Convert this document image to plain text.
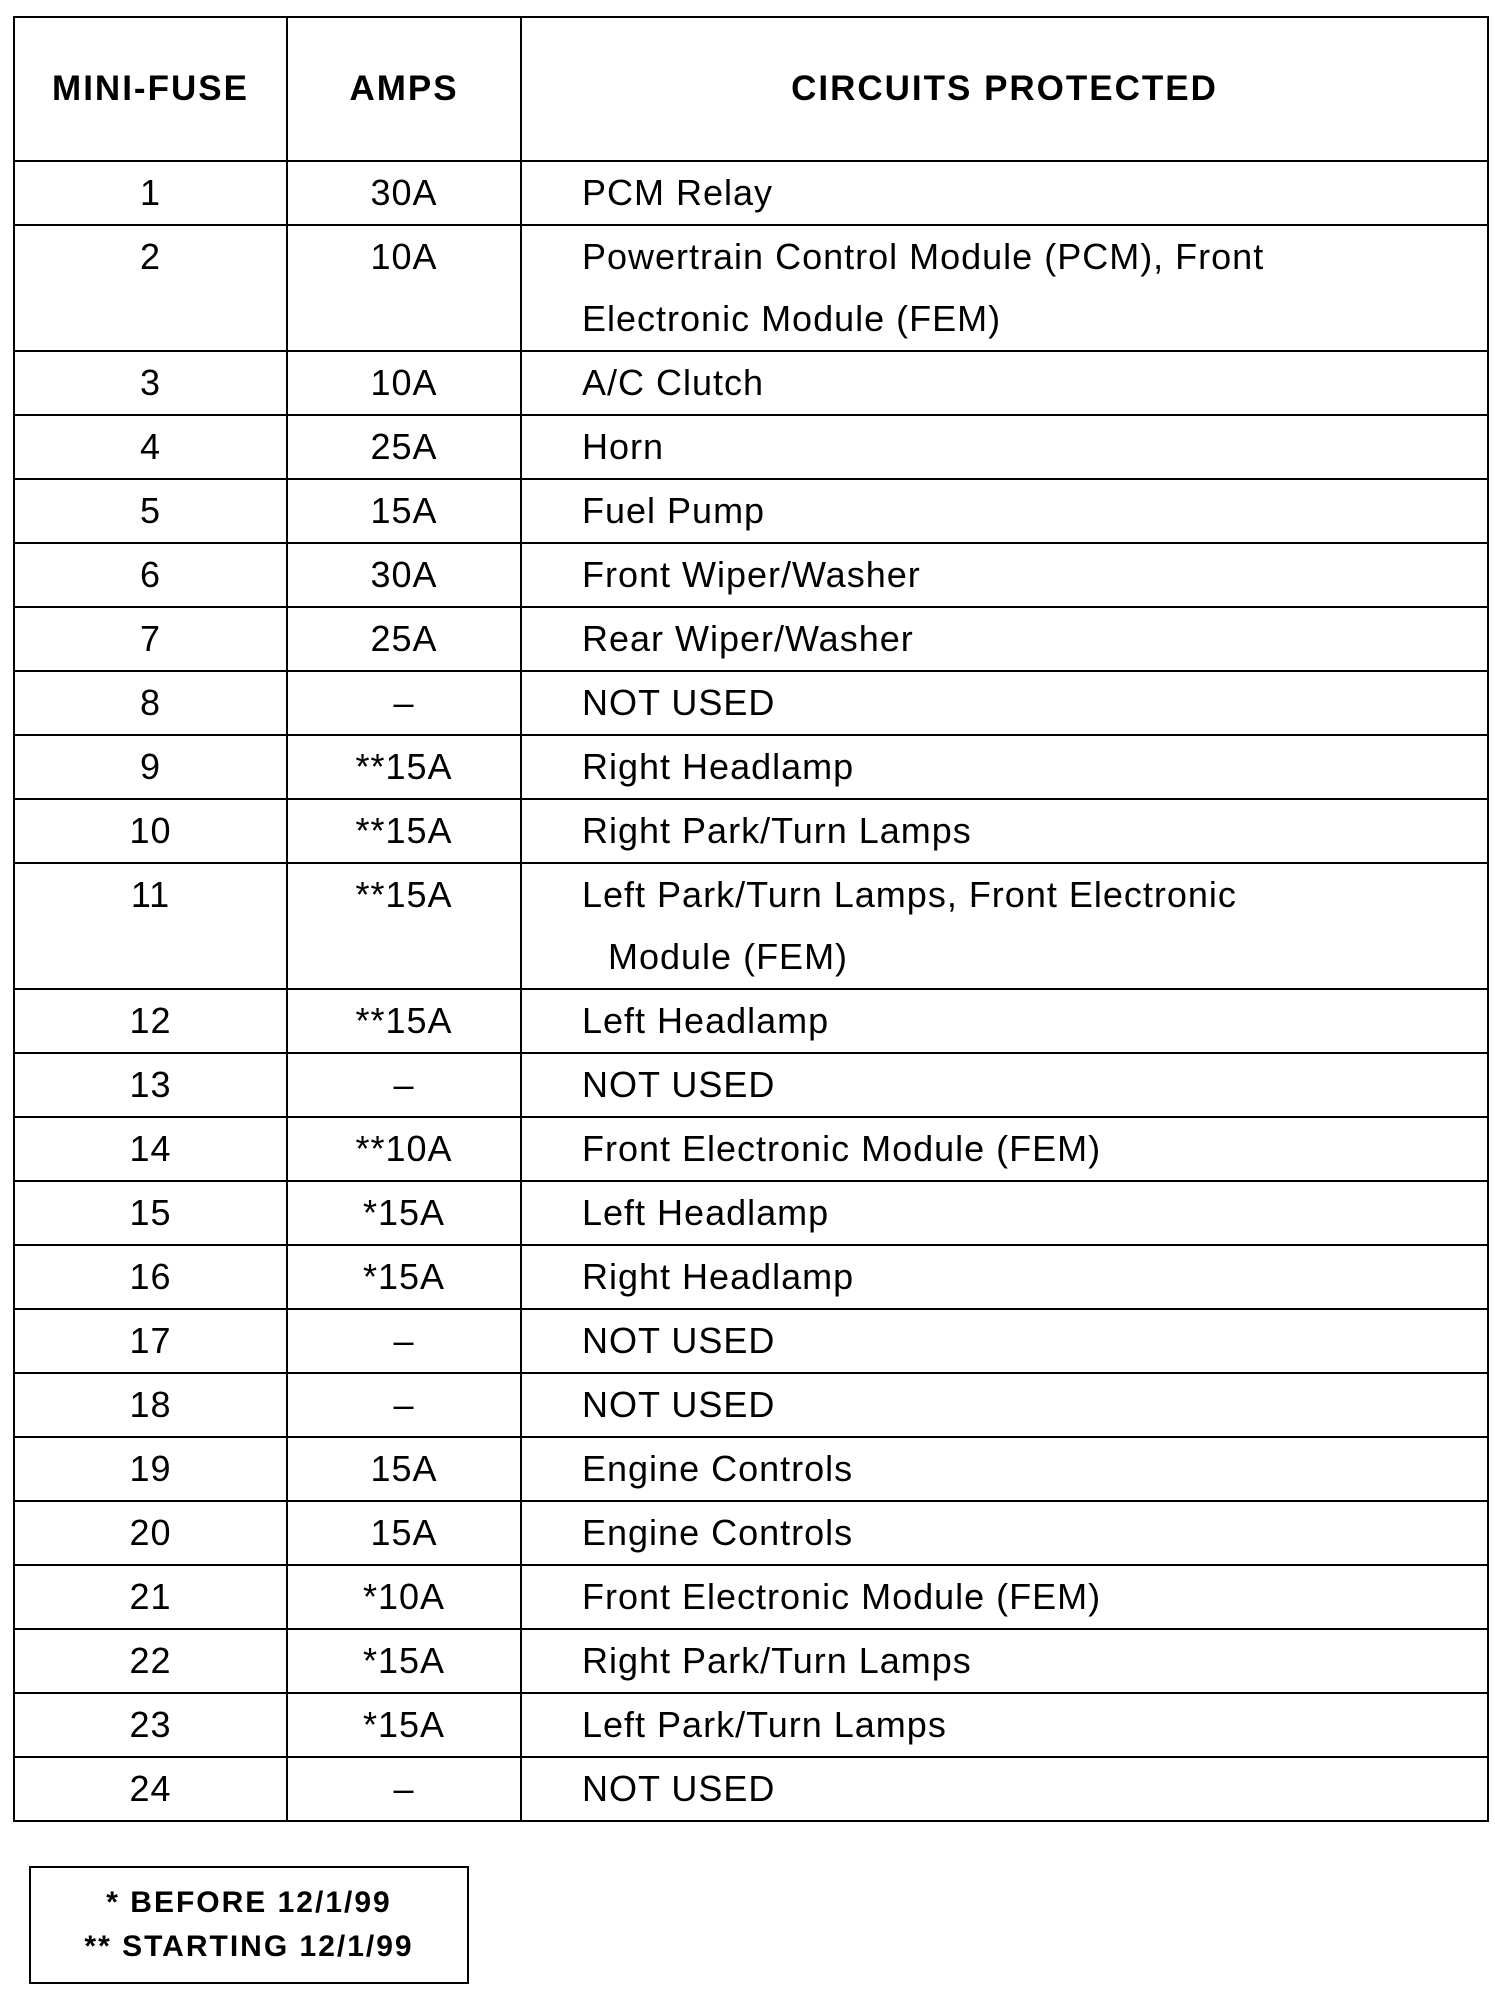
MINI-FUSE	AMPS	CIRCUITS PROTECTED
1	30A	PCM Relay

2	10A	Powertrain Control Module (PCM), Front
Electronic Module (FEM)

3	10A	A/C Clutch

4	25A	Horn

5	15A	Fuel Pump

6	30A	Front Wiper/Washer

7	25A	Rear Wiper/Washer

8	–	NOT USED

9	**15A	Right Headlamp

10	**15A	Right Park/Turn Lamps

11	**15A	Left Park/Turn Lamps, Front Electronic
Module (FEM)

12	**15A	Left Headlamp

13	–	NOT USED

14	**10A	Front Electronic Module (FEM)

15	*15A	Left Headlamp

16	*15A	Right Headlamp

17	–	NOT USED

18	–	NOT USED

19	15A	Engine Controls

20	15A	Engine Controls

21	*10A	Front Electronic Module (FEM)

22	*15A	Right Park/Turn Lamps

23	*15A	Left Park/Turn Lamps

24	–	NOT USED
* BEFORE 12/1/99
** STARTING 12/1/99
